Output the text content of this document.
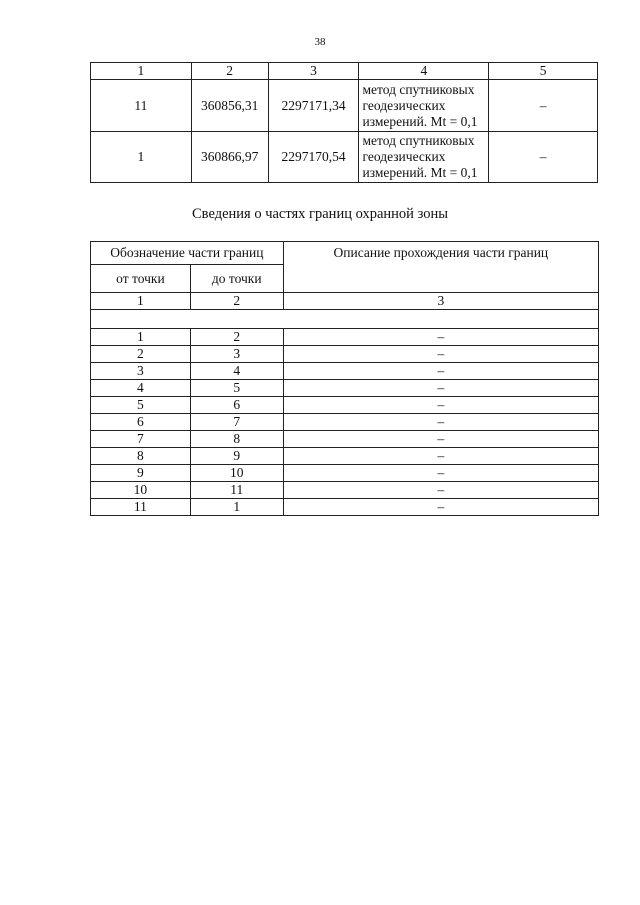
38
1	2	3	4	5
11	360856,31	2297171,34	метод спутниковых
геодезических
измерений. Mt = 0,1	–
1	360866,97	2297170,54	метод спутниковых
геодезических
измерений. Mt = 0,1	–
Сведения о частях границ охранной зоны
Обозначение части границ		Описание прохождения части границ

от точки	до точки	
1	2	3

1	2	–
2	3	–
3	4	–
4	5	–
5	6	–
6	7	–
7	8	–
8	9	–
9	10	–
10	11	–
11	1	–
